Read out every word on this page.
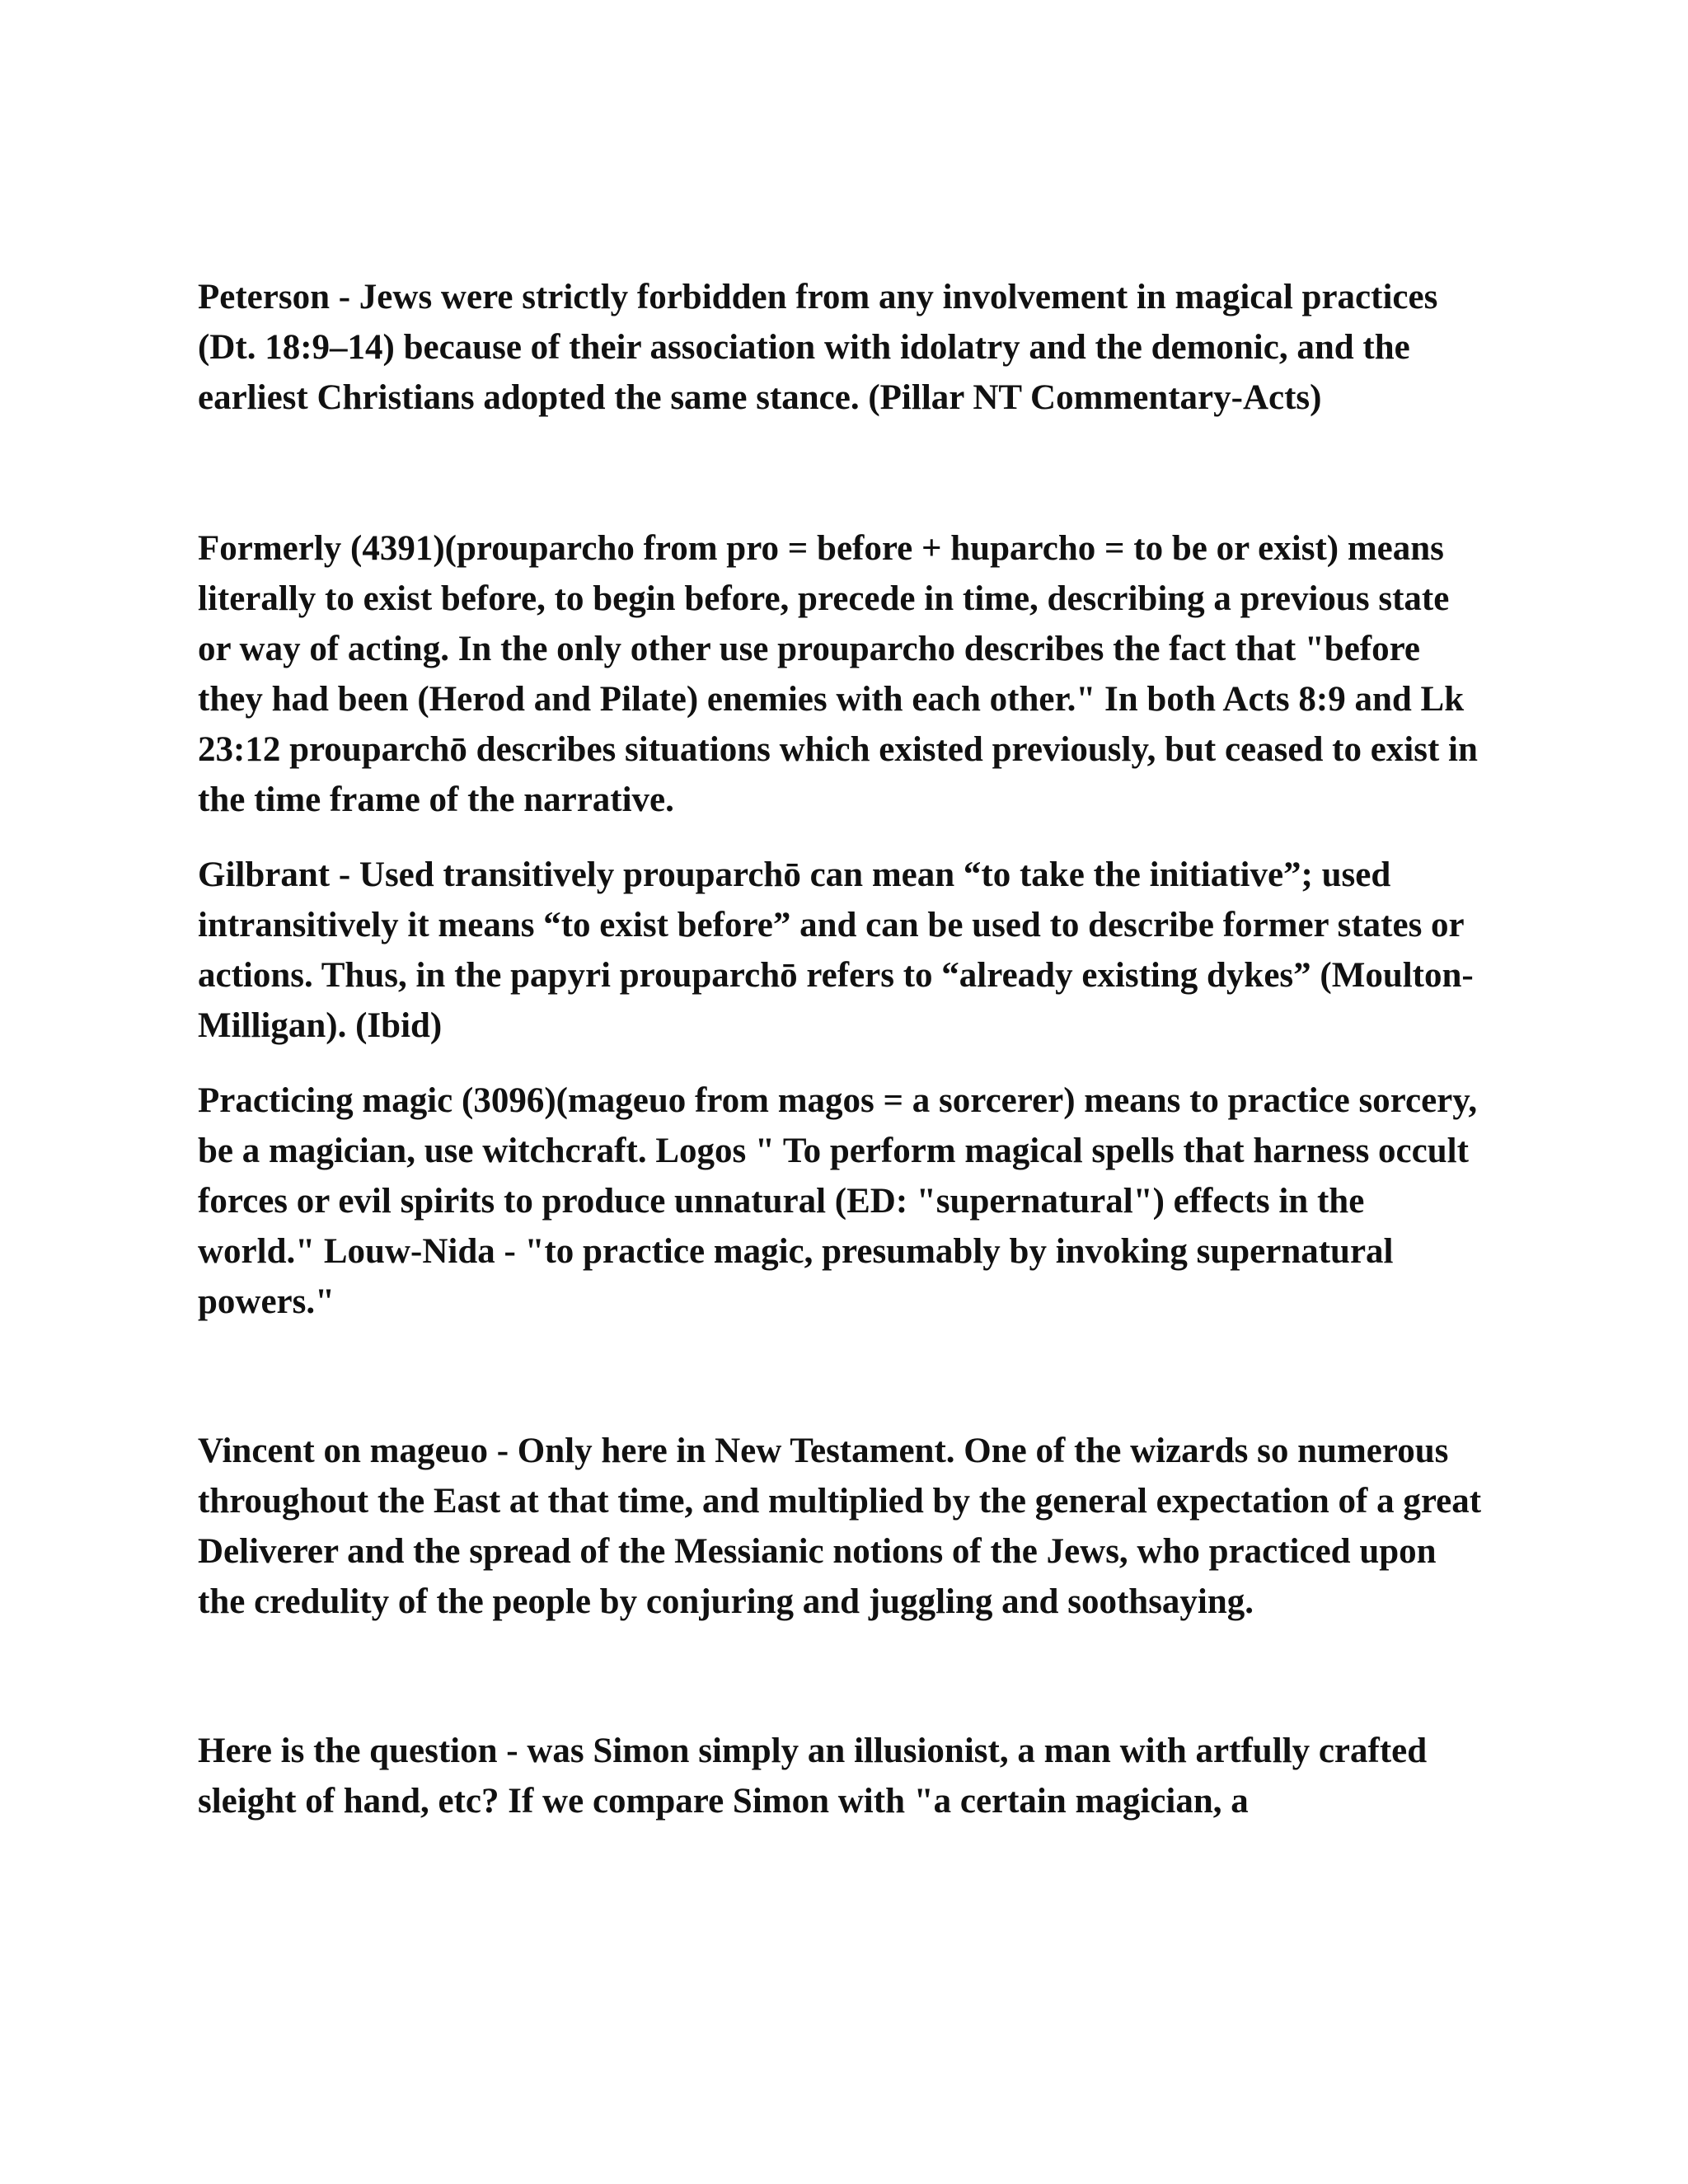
Peterson - Jews were strictly forbidden from any involvement in magical practices (Dt. 18:9–14) because of their association with idolatry and the demonic, and the earliest Christians adopted the same stance. (Pillar NT Commentary-Acts)

Formerly (4391)(prouparcho from pro = before + huparcho = to be or exist) means literally to exist before, to begin before, precede in time, describing a previous state or way of acting. In the only other use prouparcho describes the fact that "before they had been (Herod and Pilate) enemies with each other." In both Acts 8:9 and Lk 23:12 prouparchō describes situations which existed previously, but ceased to exist in the time frame of the narrative.

Gilbrant - Used transitively prouparchō can mean “to take the initiative”; used intransitively it means “to exist before” and can be used to describe former states or actions. Thus, in the papyri prouparchō refers to “already existing dykes” (Moulton-Milligan). (Ibid)

Practicing magic (3096)(mageuo from magos = a sorcerer) means to practice sorcery, be a magician, use witchcraft. Logos " To perform magical spells that harness occult forces or evil spirits to produce unnatural (ED: "supernatural") effects in the world." Louw-Nida - "to practice magic, presumably by invoking supernatural powers."

Vincent on mageuo - Only here in New Testament. One of the wizards so numerous throughout the East at that time, and multiplied by the general expectation of a great Deliverer and the spread of the Messianic notions of the Jews, who practiced upon the credulity of the people by conjuring and juggling and soothsaying.

Here is the question - was Simon simply an illusionist, a man with artfully crafted sleight of hand, etc? If we compare Simon with "a certain magician, a
